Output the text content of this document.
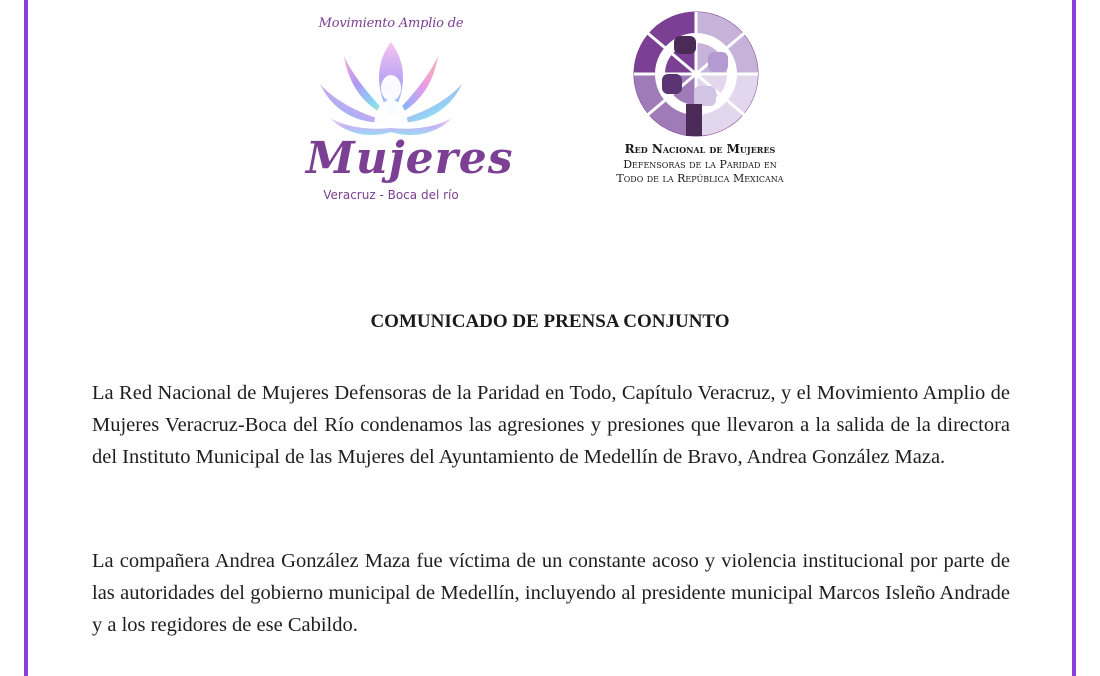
Movimiento Amplio de
Mujeres
Veracruz - Boca del río
Red Nacional de Mujeres
Defensoras de la Paridad en
Todo de la República Mexicana
COMUNICADO DE PRENSA CONJUNTO

La Red Nacional de Mujeres Defensoras de la Paridad en Todo, Capítulo Veracruz, y el Movimiento Amplio de Mujeres Veracruz-Boca del Río condenamos las agresiones y presiones que llevaron a la salida de la directora del Instituto Municipal de las Mujeres del Ayuntamiento de Medellín de Bravo, Andrea González Maza.

La compañera Andrea González Maza fue víctima de un constante acoso y violencia institucional por parte de las autoridades del gobierno municipal de Medellín, incluyendo al presidente municipal Marcos Isleño Andrade y a los regidores de ese Cabildo.
